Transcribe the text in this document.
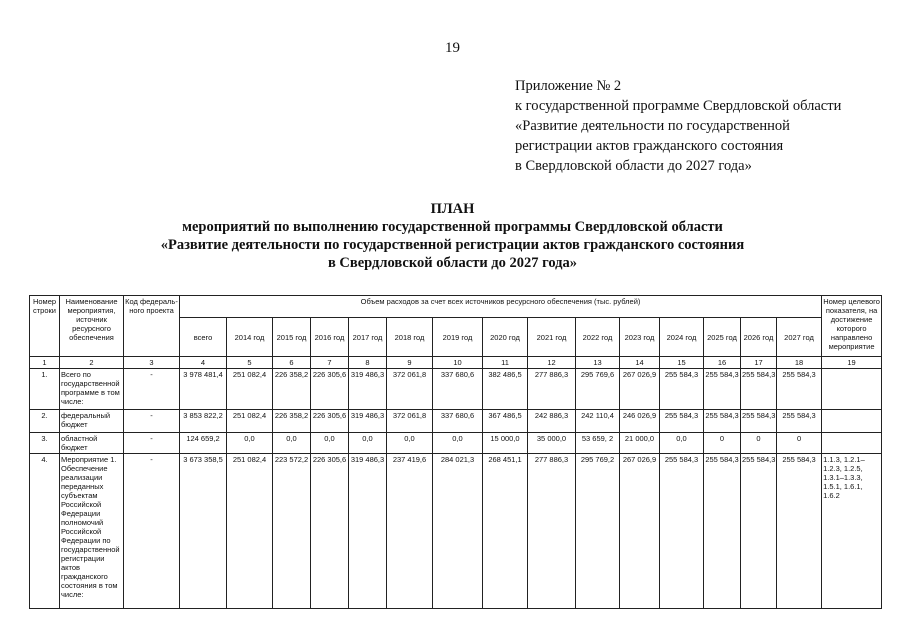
19
Приложение № 2
к государственной программе Свердловской области
«Развитие деятельности по государственной
регистрации актов гражданского состояния
в Свердловской области до 2027 года»
ПЛАН
мероприятий по выполнению государственной программы Свердловской области
«Развитие деятельности по государственной регистрации актов гражданского состояния
в Свердловской области до 2027 года»
Номер строки	Наименование мероприятия, источник ресурсного обеспечения	Код федераль-ного проекта	Объем расходов за счет всех источников ресурсного обеспечения (тыс. рублей)															Номер целевого показателя, на достижение которого направлено мероприятие
			всего	2014 год	2015 год	2016 год	2017 год	2018 год	2019 год	2020 год	2021 год	2022 год	2023 год	2024 год	2025 год	2026 год	2027 год	
1	2	3	4	5	6	7	8	9	10	11	12	13	14	15	16	17	18	19
1.	Всего по государственной программе в том числе:	-	3 978 481,4	251 082,4	226 358,2	226 305,6	319 486,3	372 061,8	337 680,6	382 486,5	277 886,3	295 769,6	267 026,9	255 584,3	255 584,3	255 584,3	255 584,3	
2.	федеральный бюджет	-	3 853 822,2	251 082,4	226 358,2	226 305,6	319 486,3	372 061,8	337 680,6	367 486,5	242 886,3	242 110,4	246 026,9	255 584,3	255 584,3	255 584,3	255 584,3	
3.	областной бюджет	-	124 659,2	0,0	0,0	0,0	0,0	0,0	0,0	15 000,0	35 000,0	53 659, 2	21 000,0	0,0	0	0	0	
4.	Мероприятие 1. Обеспечение реализации переданных субъектам Российской Федерации полномочий Российской Федерации по государственной регистрации актов гражданского состояния в том числе:	-	3 673 358,5	251 082,4	223 572,2	226 305,6	319 486,3	237 419,6	284 021,3	268 451,1	277 886,3	295 769,2	267 026,9	255 584,3	255 584,3	255 584,3	255 584,3	1.1.3, 1.2.1–1.2.3, 1.2.5, 1.3.1–1.3.3, 1.5.1, 1.6.1, 1.6.2
